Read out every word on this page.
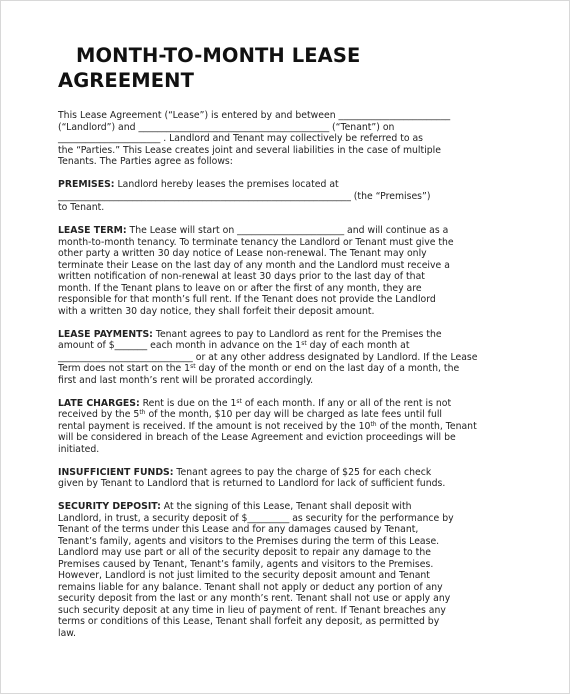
MONTH-TO-MONTH LEASE
AGREEMENT
This Lease Agreement (“Lease”) is entered by and between ________________________
(“Landlord”) and _________________________________________ (“Tenant”) on
______________________ . Landlord and Tenant may collectively be referred to as
the “Parties.” This Lease creates joint and several liabilities in the case of multiple
Tenants. The Parties agree as follows:
PREMISES: Landlord hereby leases the premises located at
_______________________________________________________________ (the “Premises”)
to Tenant.
LEASE TERM: The Lease will start on _______________________ and will continue as a
month-to-month tenancy. To terminate tenancy the Landlord or Tenant must give the
other party a written 30 day notice of Lease non-renewal. The Tenant may only
terminate their Lease on the last day of any month and the Landlord must receive a
written notification of non-renewal at least 30 days prior to the last day of that
month. If the Tenant plans to leave on or after the first of any month, they are
responsible for that month’s full rent. If the Tenant does not provide the Landlord
with a written 30 day notice, they shall forfeit their deposit amount.
LEASE PAYMENTS: Tenant agrees to pay to Landlord as rent for the Premises the
amount of $_______ each month in advance on the 1st day of each month at
_____________________________ or at any other address designated by Landlord. If the Lease
Term does not start on the 1st day of the month or end on the last day of a month, the
first and last month’s rent will be prorated accordingly.
LATE CHARGES: Rent is due on the 1st of each month. If any or all of the rent is not
received by the 5th of the month, $10 per day will be charged as late fees until full
rental payment is received. If the amount is not received by the 10th of the month, Tenant
will be considered in breach of the Lease Agreement and eviction proceedings will be
initiated.
INSUFFICIENT FUNDS: Tenant agrees to pay the charge of $25 for each check
given by Tenant to Landlord that is returned to Landlord for lack of sufficient funds.
SECURITY DEPOSIT: At the signing of this Lease, Tenant shall deposit with
Landlord, in trust, a security deposit of $_________ as security for the performance by
Tenant of the terms under this Lease and for any damages caused by Tenant,
Tenant’s family, agents and visitors to the Premises during the term of this Lease.
Landlord may use part or all of the security deposit to repair any damage to the
Premises caused by Tenant, Tenant’s family, agents and visitors to the Premises.
However, Landlord is not just limited to the security deposit amount and Tenant
remains liable for any balance. Tenant shall not apply or deduct any portion of any
security deposit from the last or any month’s rent. Tenant shall not use or apply any
such security deposit at any time in lieu of payment of rent. If Tenant breaches any
terms or conditions of this Lease, Tenant shall forfeit any deposit, as permitted by
law.
